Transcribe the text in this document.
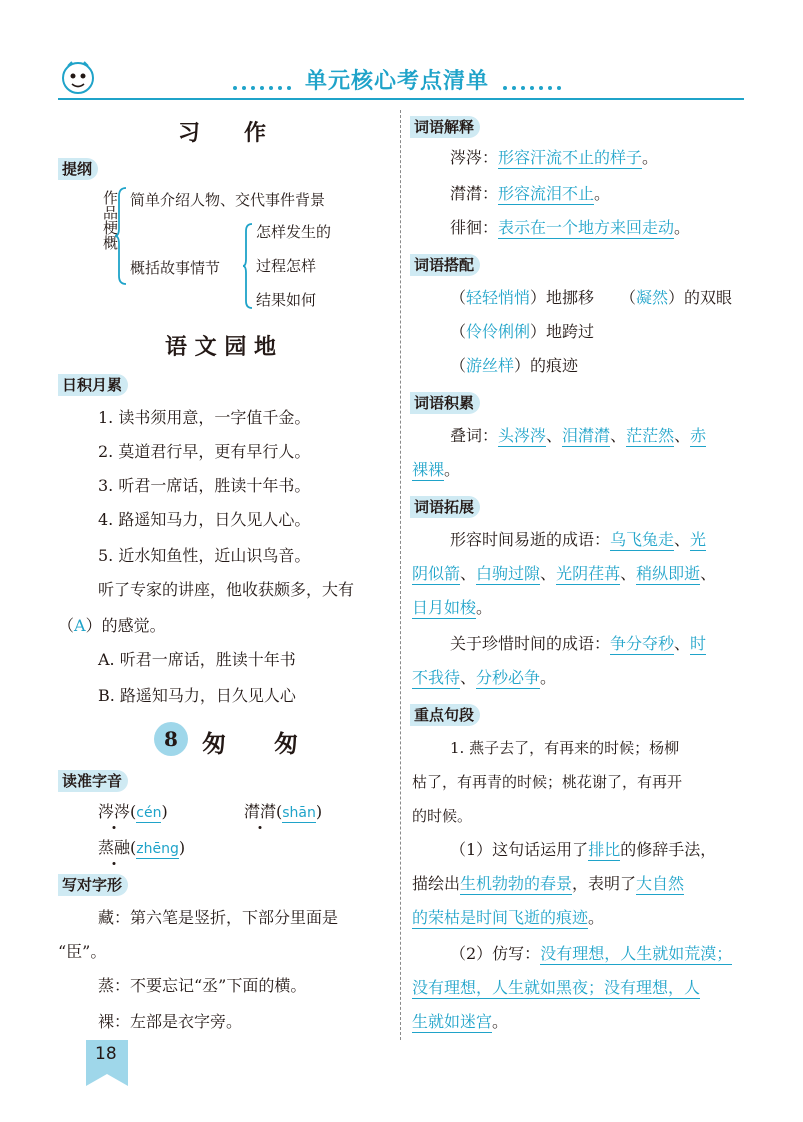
单元核心考点清单
习　　作
提纲
作品梗概 简单介绍人物、交代事件背景
概括故事情节
怎样发生的
过程怎样
结果如何
语 文 园 地
日积月累
1. 读书须用意，一字值千金。
2. 莫道君行早，更有早行人。
3. 听君一席话，胜读十年书。
4. 路遥知马力，日久见人心。
5. 近水知鱼性，近山识鸟音。
听了专家的讲座，他收获颇多，大有
（A）的感觉。
A. 听君一席话，胜读十年书
B. 路遥知马力，日久见人心
8	匆　　匆
读准字音
涔涔(cén)	潸潸(shān)
蒸融(zhēng)
写对字形
藏：第六笔是竖折，下部分里面是
“臣”。
蒸：不要忘记“丞”下面的横。
裸：左部是衣字旁。
18
词语解释
涔涔：形容汗流不止的样子。
潸潸：形容流泪不止。
徘徊：表示在一个地方来回走动。
词语搭配
（轻轻悄悄）地挪移 （凝然）的双眼
（伶伶俐俐）地跨过
（游丝样）的痕迹
词语积累
叠词：头涔涔、泪潸潸、茫茫然、赤
裸裸。
词语拓展
形容时间易逝的成语：乌飞兔走、光
阴似箭、白驹过隙、光阴荏苒、稍纵即逝、
日月如梭。
关于珍惜时间的成语：争分夺秒、时
不我待、分秒必争。
重点句段
1. 燕子去了，有再来的时候；杨柳
枯了，有再青的时候；桃花谢了，有再开
的时候。
（1）这句话运用了排比的修辞手法，
描绘出生机勃勃的春景，表明了大自然
的荣枯是时间飞逝的痕迹。
（2）仿写：没有理想，人生就如荒漠；
没有理想，人生就如黑夜；没有理想，人
生就如迷宫。
